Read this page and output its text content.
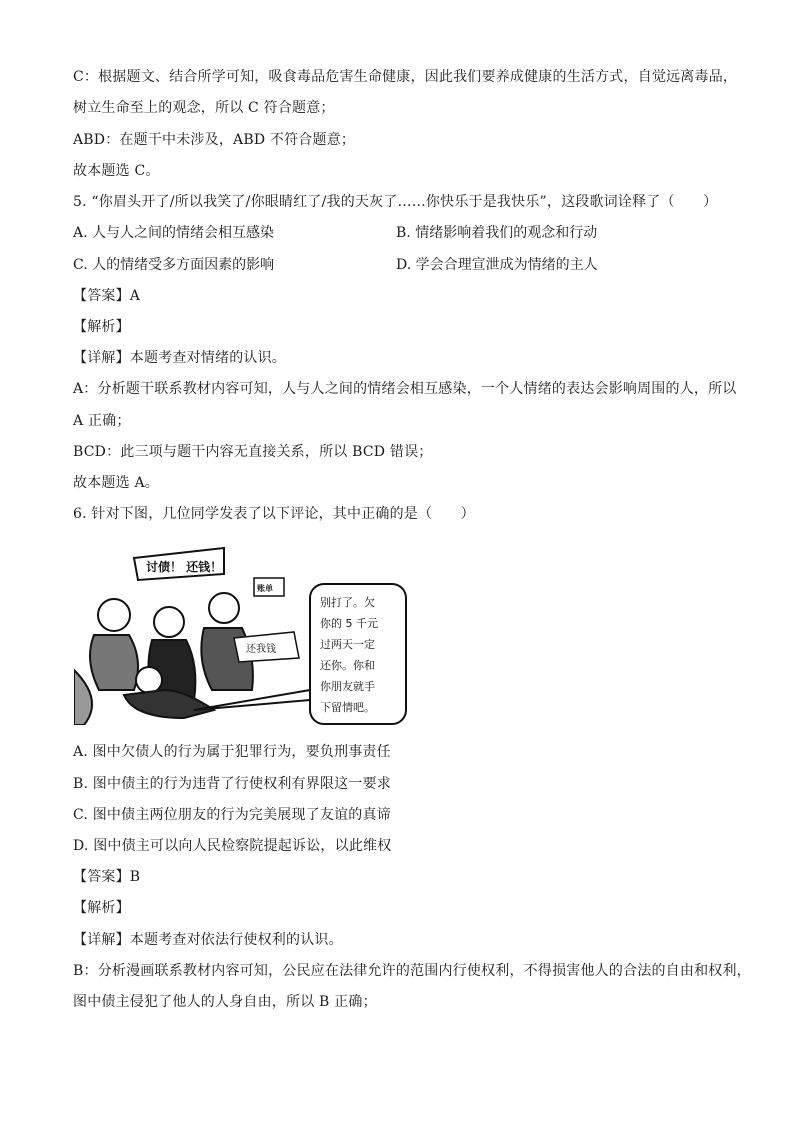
C：根据题文、结合所学可知，吸食毒品危害生命健康，因此我们要养成健康的生活方式，自觉远离毒品，
树立生命至上的观念，所以 C 符合题意；
ABD：在题干中未涉及，ABD 不符合题意；
故本题选 C。
5. “你眉头开了/所以我笑了/你眼睛红了/我的天灰了……你快乐于是我快乐”，这段歌词诠释了（　　）
A. 人与人之间的情绪会相互感染	B. 情绪影响着我们的观念和行动
C. 人的情绪受多方面因素的影响	D. 学会合理宣泄成为情绪的主人
【答案】A
【解析】
【详解】本题考查对情绪的认识。
A：分析题干联系教材内容可知，人与人之间的情绪会相互感染，一个人情绪的表达会影响周围的人，所以
A 正确；
BCD：此三项与题干内容无直接关系，所以 BCD 错误；
故本题选 A。
6. 针对下图，几位同学发表了以下评论，其中正确的是（　　）
讨债！ 还钱！
账单
还我钱
别打了。欠
你的 5 千元
过两天一定
还你。你和
你朋友就手
下留情吧。
A. 图中欠债人的行为属于犯罪行为，要负刑事责任
B. 图中债主的行为违背了行使权利有界限这一要求
C. 图中债主两位朋友的行为完美展现了友谊的真谛
D. 图中债主可以向人民检察院提起诉讼，以此维权
【答案】B
【解析】
【详解】本题考查对依法行使权利的认识。
B：分析漫画联系教材内容可知，公民应在法律允许的范围内行使权利，不得损害他人的合法的自由和权利，
图中债主侵犯了他人的人身自由，所以 B 正确；
